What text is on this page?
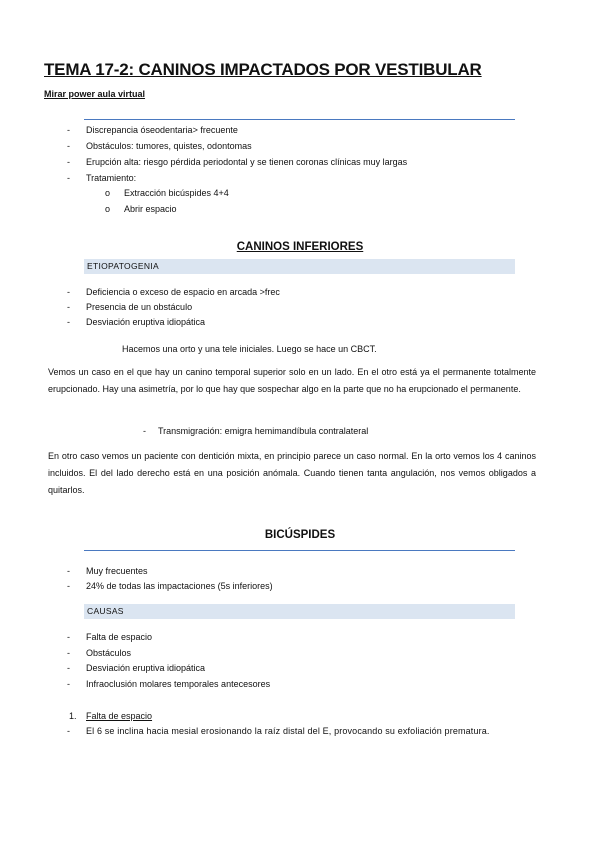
TEMA 17-2: CANINOS IMPACTADOS POR VESTIBULAR
Mirar power aula virtual
- Discrepancia óseodentaria> frecuente
- Obstáculos: tumores, quistes, odontomas
- Erupción alta: riesgo pérdida periodontal y se tienen coronas clínicas muy largas
- Tratamiento:
o Extracción bicúspides 4+4
o Abrir espacio
CANINOS INFERIORES
ETIOPATOGENIA
- Deficiencia o exceso de espacio en arcada >frec
- Presencia de un obstáculo
- Desviación eruptiva idiopática
Hacemos una orto y una tele iniciales. Luego se hace un CBCT.
Vemos un caso en el que hay un canino temporal superior solo en un lado. En el otro está ya el permanente totalmente erupcionado. Hay una asimetría, por lo que hay que sospechar algo en la parte que no ha erupcionado el permanente.
- Transmigración: emigra hemimandíbula contralateral
En otro caso vemos un paciente con dentición mixta, en principio parece un caso normal. En la orto vemos los 4 caninos incluidos. El del lado derecho está en una posición anómala. Cuando tienen tanta angulación, nos vemos obligados a quitarlos.
BICÚSPIDES
- Muy frecuentes
- 24% de todas las impactaciones (5s inferiores)
CAUSAS
- Falta de espacio
- Obstáculos
- Desviación eruptiva idiopática
- Infraoclusión molares temporales antecesores
1. Falta de espacio
- El 6 se inclina hacia mesial erosionando la raíz distal del E, provocando su exfoliación prematura.
